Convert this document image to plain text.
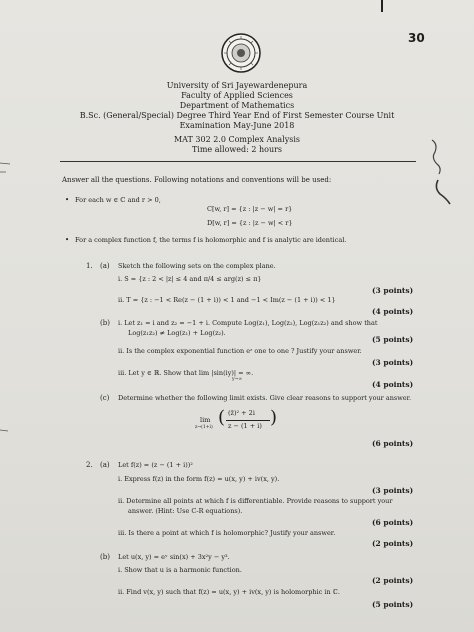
30
University of Sri Jayewardenepura
Faculty of Applied Sciences
Department of Mathematics
B.Sc. (General/Special) Degree Third Year End of First Semester Course Unit
Examination May-June 2018
MAT 302 2.0 Complex Analysis
Time allowed: 2 hours
Answer all the questions. Following notations and conventions will be used:
• For each w ∈ ℂ and r > 0,
C[w, r] = {z : |z − w| = r}
D[w, r] = {z : |z − w| < r}
• For a complex function f, the terms f is holomorphic and f is analytic are identical.
1. (a) Sketch the following sets on the complex plane.
i. S = {z : 2 < |z| ≤ 4 and π/4 ≤ arg(z) ≤ π}
(3 points)
ii. T = {z : −1 < Re(z − (1 + i)) < 1 and −1 < Im(z − (1 + i)) < 1}
(4 points)
(b) i. Let z₁ = i and z₂ = −1 + i. Compute Log(z₁), Log(z₂), Log(z₁z₂) and show that
Log(z₁z₂) ≠ Log(z₁) + Log(z₂).
(5 points)
ii. Is the complex exponential function eᶻ one to one ? Justify your answer.
(3 points)
iii. Let y ∈ ℝ. Show that lim |sin(iy)| = ∞.
y→∞
(4 points)
(c) Determine whether the following limit exists. Give clear reasons to support your answer.
lim
z→(1+i) ( (z̄)² + 2i
z − (1 + i) )
(6 points)
2. (a) Let f(z) = (z − (1 + i))²
i. Express f(z) in the form f(z) = u(x, y) + iv(x, y).
(3 points)
ii. Determine all points at which f is differentiable. Provide reasons to support your
answer. (Hint: Use C-R equations).
(6 points)
iii. Is there a point at which f is holomorphic? Justify your answer.
(2 points)
(b) Let u(x, y) = eʸ sin(x) + 3x²y − y³.
i. Show that u is a harmonic function.
(2 points)
ii. Find v(x, y) such that f(z) = u(x, y) + iv(x, y) is holomorphic in ℂ.
(5 points)
